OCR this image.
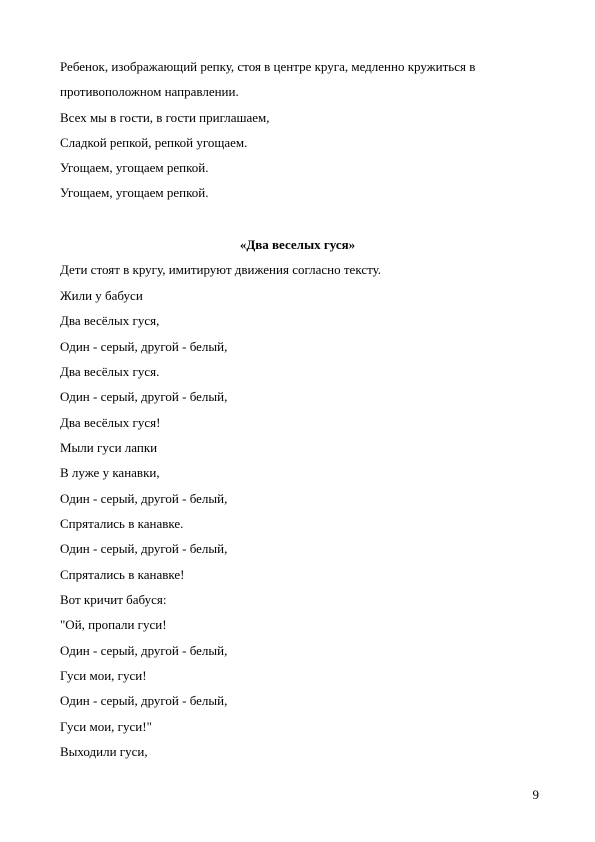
Ребенок, изображающий репку, стоя в центре круга, медленно кружиться в
противоположном направлении.
Всех мы в гости, в гости приглашаем,
Сладкой репкой, репкой угощаем.
Угощаем, угощаем репкой.
Угощаем, угощаем репкой.
«Два веселых гуся»
Дети стоят в кругу, имитируют движения согласно тексту.
Жили у бабуси
Два весёлых гуся,
Один - серый, другой - белый,
Два весёлых гуся.
Один - серый, другой - белый,
Два весёлых гуся!
Мыли гуси лапки
В луже у канавки,
Один - серый, другой - белый,
Спрятались в канавке.
Один - серый, другой - белый,
Спрятались в канавке!
Вот кричит бабуся:
"Ой, пропали гуси!
Один - серый, другой - белый,
Гуси мои, гуси!
Один - серый, другой - белый,
Гуси мои, гуси!"
Выходили гуси,
9
